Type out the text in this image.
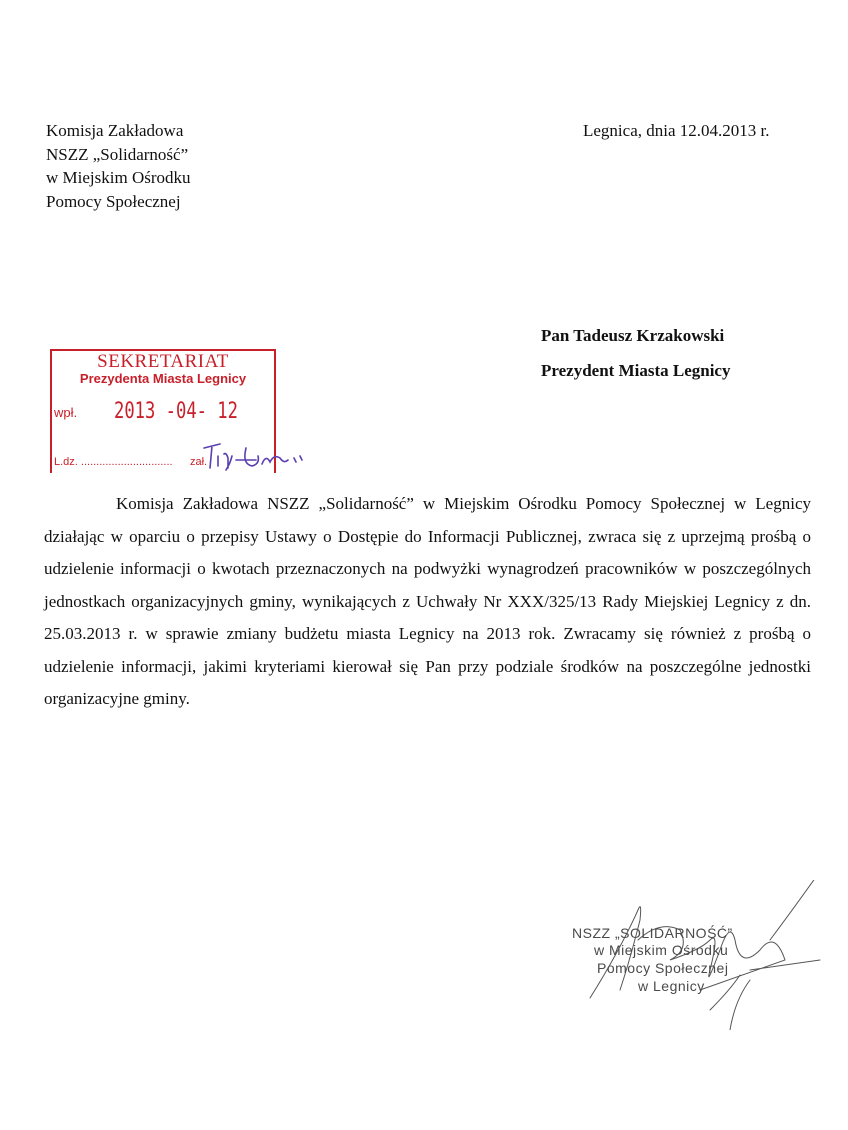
Komisja Zakładowa
NSZZ „Solidarność”
w Miejskim Ośrodku
Pomocy Społecznej
Legnica, dnia 12.04.2013 r.
Pan Tadeusz Krzakowski
Prezydent Miasta Legnicy
SEKRETARIAT
Prezydenta Miasta Legnicy
wpł. 2013 -04- 12
L.dz. .............................. zał.

Komisja Zakładowa NSZZ „Solidarność” w Miejskim Ośrodku Pomocy Społecznej w Legnicy działając w oparciu o przepisy Ustawy o Dostępie do Informacji Publicznej, zwraca się z uprzejmą prośbą o udzielenie informacji o kwotach przeznaczonych na podwyżki wynagrodzeń pracowników w poszczególnych jednostkach organizacyjnych gminy, wynikających z Uchwały Nr XXX/325/13 Rady Miejskiej Legnicy z dn. 25.03.2013 r. w sprawie zmiany budżetu miasta Legnicy na 2013 rok. Zwracamy się również z prośbą o udzielenie informacji, jakimi kryteriami kierował się Pan przy podziale środków na poszczególne jednostki organizacyjne gminy.

NSZZ „SOLIDARNOŚĆ”
w Miejskim Ośrodku
Pomocy Społecznej
w Legnicy
